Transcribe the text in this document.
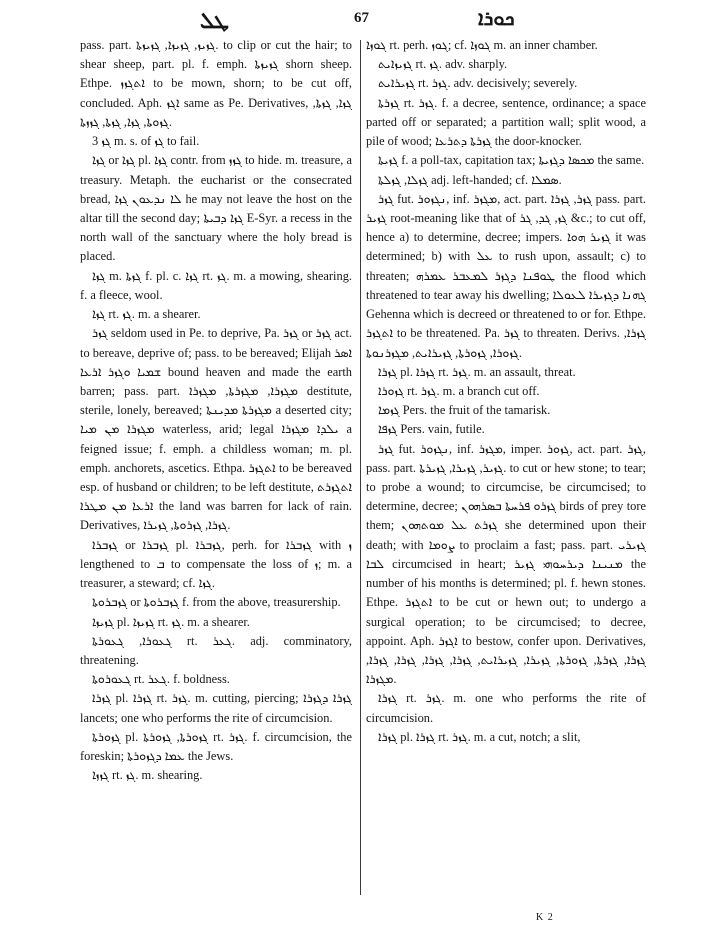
ܛܠ	67	ܟܘܪܐ

pass. part. ܓܙܝܙ, ܓܙܝܙܐ, ܓܙܝܙܬܐ. to clip or cut the hair; to shear sheep, part. pl. f. emph. ܓܙܝܙܬܐ shorn sheep. Ethpe. ܐܬܓܙܙ to be mown, shorn; to be cut off, concluded. Aph. ܐܓܙ same as Pe. Derivatives, ܓܙܐ, ܓܙܬܐ, ܓܙܘܬܐ, ܓܙܐ, ܓܙܬܐ, ܓܙܙܬܐ.

ܓܙ 3 m. s. of ܓܙ to fail.

ܓܙܐ or ܓܙܐ pl. ܓܙܐ contr. from ܓܙܙ to hide. m. treasure, a treasury. Metaph. the eucharist or the consecrated bread, ܠܐ ܢܕܥܘܢ ܓܙܐ he may not leave the host on the altar till the second day; ܓܙܐ ܕܒܝܬܐ E-Syr. a recess in the north wall of the sanctuary where the holy bread is placed.

ܓܙܐ m. ܓܙܬܐ f. pl. c. ܓܙܐ rt. ܓܙ. m. a mowing, shearing. f. a fleece, wool.

ܓܙܐ rt. ܓܙ. m. a shearer.

ܓܙܪ seldom used in Pe. to deprive, Pa. ܓܙܪ or ܓܙܪ act. to bereave, deprive of; pass. to be bereaved; Elijah ܐܣܪ ܫܡܝܐ ܘܓܙܪ ܐܪܥܐ bound heaven and made the earth barren; pass. part. ܡܓܙܪܐ, ܡܓܙܪܬܐ, ܡܓܙܪܐ destitute, sterile, lonely, bereaved; ܡܓܙܪܬܐ ܡܕܝܢܬܐ a deserted city; ܡܓܙܪܐ ܡܢ ܡܝܐ waterless, arid; legal ܝܠܕܐ ܡܓܙܪܐ a feigned issue; f. emph. a childless woman; m. pl. emph. anchorets, ascetics. Ethpa. ܐܬܓܙܪ to be bereaved esp. of husband or children; to be left destitute, ܐܬܓܙܪܬ ܐܪܥܐ ܡܢ ܡܛܪܐ the land was barren for lack of rain. Derivatives, ܓܙܪܐ, ܓܙܪܘܬܐ, ܓܙܝܪܐ.

ܓܙܒܪܐ or ܓܙܒܪܐ pl. ܓܙܒܪܐ, perh. for ܓܙܒܪܐ with ܙ lengthened to ܒ to compensate the loss of ܙ; m. a treasurer, a steward; cf. ܓܙܐ.

ܓܙܒܪܘܬܐ or ܓܙܒܪܘܬܐ f. from the above, treasurership.

ܓܙܝܙܐ pl. ܓܙܝܙܐ rt. ܓܙ. m. a shearer.

ܓܥܘܪܐ, ܓܥܘܪܬܐ rt. ܓܥܪ. adj. comminatory, threatening.

ܓܥܘܪܘܬܐ rt. ܓܥܪ. f. boldness.

ܓܙܪܐ pl. ܓܙܪܐ rt. ܓܙܪ. m. cutting, piercing; ܓܙܪܐ ܕܓܙܪܐ lancets; one who performs the rite of circumcision.

ܓܙܘܪܬܐ pl. ܓܙܘܪܬܐ, ܓܙܘܪܬܐ rt. ܓܙܪ. f. circumcision, the foreskin; ܥܡܐ ܕܓܙܘܪܬܐ the Jews.

ܓܙܙܐ rt. ܓܙ. m. shearing.

ܓܘܙܐ rt. perh. ܓܘܙ; cf. ܓܘܙܐ m. an inner chamber.

ܓܙܝܙܐܝܬ rt. ܓܙ. adv. sharply.

ܓܙܝܪܐܝܬ rt. ܓܙܪ. adv. decisively; severely.

ܓܙܪܬܐ rt. ܓܙܪ. f. a decree, sentence, ordinance; a space parted off or separated; a partition wall; split wood, a pile of wood; ܓܙܪܬܐ ܕܬܪܥܐ the door-knocker.

ܓܙܝܬܐ f. a poll-tax, capitation tax; ܡܟܣܐ ܕܓܙܝܬܐ the same.

ܓܙܠܐ, ܓܙܠܬܐ adj. left-handed; cf. ܣܡܠܐ.

ܓܙܪ fut. ܢܓܙܘܪ, inf. ܡܓܙܪ, act. part. ܓܙܪ, ܓܙܪܐ pass. part. ܓܙܝܪ root-meaning like that of ܓܙ, ܓܕ, ܓܪ &c.; to cut off, hence a) to determine, decree; impers. ܓܙܝܪ ܗܘܐ it was determined; b) with ܥܠ to rush upon, assault; c) to threaten; ܛܘܦܢܐ ܕܓܙܪ ܠܡܥܒܪ ܥܡܪܗ the flood which threatened to tear away his dwelling; ܓܗܢܐ ܕܓܙܝܪܐ ܠܥܘܠܐ Gehenna which is decreed or threatened to or for. Ethpe. ܐܬܓܙܪ to be threatened. Pa. ܓܙܪ to threaten. Derivs. ܓܙܪܐ, ܓܙܘܪܐ, ܓܙܘܪܬܐ, ܓܙܝܪܐܝܬ, ܡܓܙܪܢܘܬܐ.

ܓܙܪܐ pl. ܓܙܪܐ rt. ܓܙܪ. m. an assault, threat.

ܓܙܘܪܐ rt. ܓܙܪ. m. a branch cut off.

ܓܙܡܐ Pers. the fruit of the tamarisk.

ܓܙܦܐ Pers. vain, futile.

ܓܙܪ fut. ܢܓܙܘܪ, inf. ܡܓܙܪ, imper. ܓܙܘܪ, act. part. ܓܙܪ, pass. part. ܓܙܝܪ, ܓܙܝܪܐ, ܓܙܝܪܬܐ. to cut or hew stone; to tear; to probe a wound; to circumcise, be circumcised; to determine, decree; ܓܙܪܘ ܦܪܚܬܐ ܒܣܪܗܘܢ birds of prey tore them; ܓܙܪܬ ܥܠ ܡܘܬܗܘܢ she determined upon their death; with ܨܘܡܐ to proclaim a fast; pass. part. ܓܙܝܪܝ ܠܒܐ circumcised in heart; ܡܢܝܢܐ ܕܝܪܚܘܗܝ ܓܙܝܪ the number of his months is determined; pl. f. hewn stones. Ethpe. ܐܬܓܙܪ to be cut or hewn out; to undergo a surgical operation; to be circumcised; to decree, appoint. Aph. ܐܓܙܪ to bestow, confer upon. Derivatives, ܓܙܪܐ, ܓܙܪܬܐ, ܓܙܘܪܬܐ, ܓܙܝܪܐ, ܓܙܝܪܐܝܬ, ܓܙܪܐ, ܓܙܪܐ, ܓܙܪܐ, ܓܙܪܐ, ܡܓܙܪܐ.

ܓܙܪܐ rt. ܓܙܪ. m. one who performs the rite of circumcision.

ܓܙܪܐ pl. ܓܙܪܐ rt. ܓܙܪ. m. a cut, notch; a slit,

K 2
